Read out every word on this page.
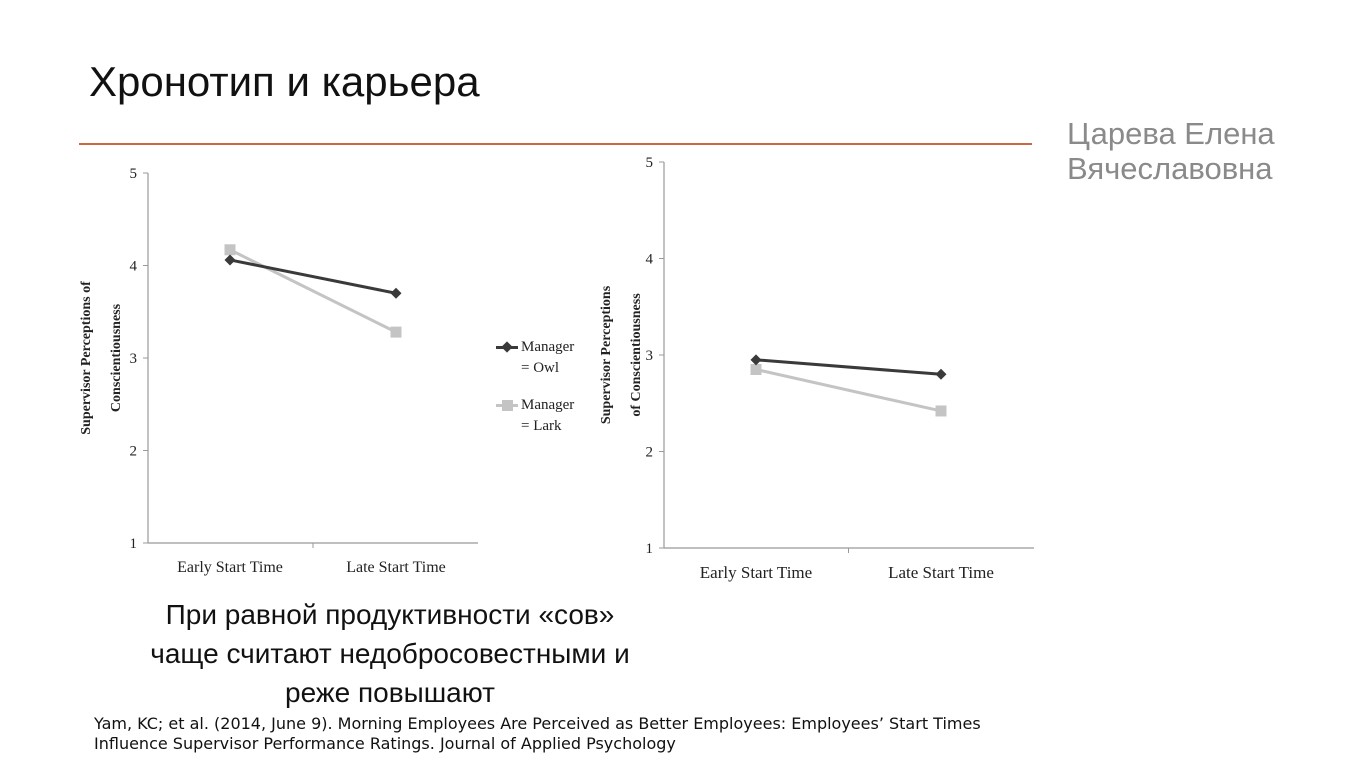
Хронотип и карьера
Царева Елена
Вячеславовна
1
2
3
4
5
Early Start Time	Late Start Time
Supervisor Perceptions of Conscientiousness
1
2
3
4
5
Early Start Time	Late Start Time
Supervisor Perceptions of Conscientiousness
Manager
= Owl
Manager
= Lark
При равной продуктивности «сов»
чаще считают недобросовестными и
реже повышают
Yam, KC; et al. (2014, June 9). Morning Employees Are Perceived as Better Employees: Employees’ Start Times
Influence Supervisor Performance Ratings. Journal of Applied Psychology
